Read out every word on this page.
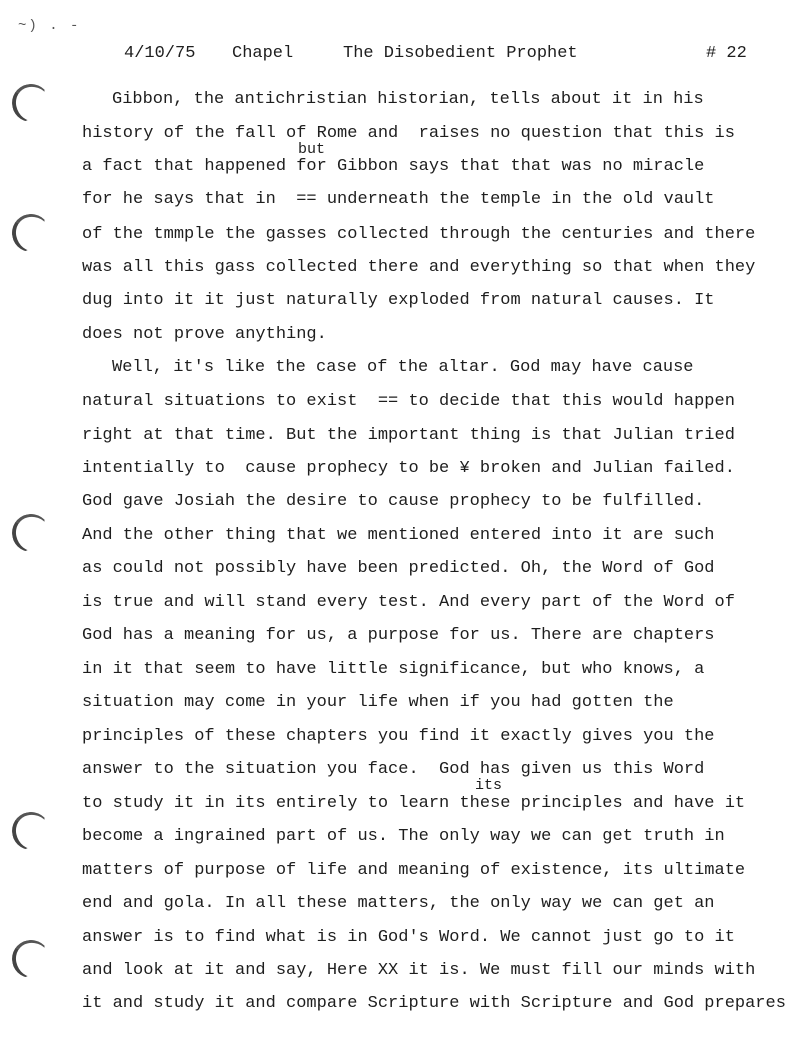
~) . -
4/10/75 Chapel	The Disobedient Prophet	# 22
but
its
Gibbon, the antichristian historian, tells about it in his
history of the fall of Rome and  raises no question that this is
a fact that happened for Gibbon says that that was no miracle
for he says that in  == underneath the temple in the old vault
of the tmmple the gasses collected through the centuries and there
was all this gass collected there and everything so that when they
dug into it it just naturally exploded from natural causes. It
does not prove anything.
Well, it's like the case of the altar. God may have cause
natural situations to exist  == to decide that this would happen
right at that time. But the important thing is that Julian tried
intentially to  cause prophecy to be ¥ broken and Julian failed.
God gave Josiah the desire to cause prophecy to be fulfilled.
And the other thing that we mentioned entered into it are such
as could not possibly have been predicted. Oh, the Word of God
is true and will stand every test. And every part of the Word of
God has a meaning for us, a purpose for us. There are chapters
in it that seem to have little significance, but who knows, a
situation may come in your life when if you had gotten the
principles of these chapters you find it exactly gives you the
answer to the situation you face.  God has given us this Word
to study it in its entirely to learn these principles and have it
become a ingrained part of us. The only way we can get truth in
matters of purpose of life and meaning of existence, its ultimate
end and gola. In all these matters, the only way we can get an
answer is to find what is in God's Word. We cannot just go to it
and look at it and say, Here XX it is. We must fill our minds with
it and study it and compare Scripture with Scripture and God prepares
